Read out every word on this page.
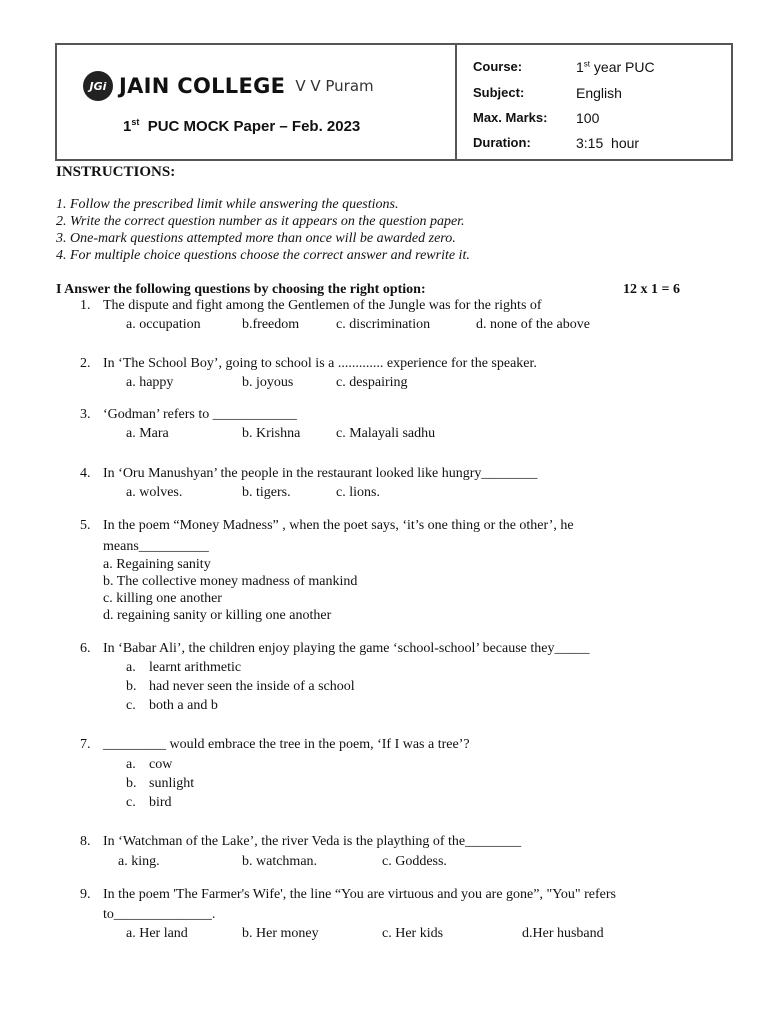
JGi JAIN COLLEGE V V Puram
1st PUC MOCK Paper – Feb. 2023
Course:	1st year PUC
Subject:	English
Max. Marks:	100
Duration:	3:15  hour
INSTRUCTIONS:
1. Follow the prescribed limit while answering the questions.
2. Write the correct question number as it appears on the question paper.
3. One-mark questions attempted more than once will be awarded zero.
4. For multiple choice questions choose the correct answer and rewrite it.
I Answer the following questions by choosing the right option:	12 x 1 = 6
1. The dispute and fight among the Gentlemen of the Jungle was for the rights of
a. occupation	b.freedom	c. discrimination	d. none of the above
2. In ‘The School Boy’, going to school is a ............. experience for the speaker.
a. happy	b. joyous	c. despairing
3. ‘Godman’ refers to ____________
a. Mara	b. Krishna	c. Malayali sadhu
4. In ‘Oru Manushyan’ the people in the restaurant looked like hungry________
a. wolves.	b. tigers.	c. lions.
5. In the poem “Money Madness” , when the poet says, ‘it’s one thing or the other’, he
means__________
a. Regaining sanity
b. The collective money madness of mankind
c. killing one another
d. regaining sanity or killing one another
6. In ‘Babar Ali’, the children enjoy playing the game ‘school-school’ because they_____
a. learnt arithmetic
b. had never seen the inside of a school
c. both a and b
7. _________ would embrace the tree in the poem, ‘If I was a tree’?
a. cow
b. sunlight
c. bird
8. In ‘Watchman of the Lake’, the river Veda is the plaything of the________
a. king.	b. watchman.	c. Goddess.
9. In the poem 'The Farmer's Wife', the line “You are virtuous and you are gone”, "You" refers
to______________.
a. Her land	b. Her money	c. Her kids	d.Her husband
